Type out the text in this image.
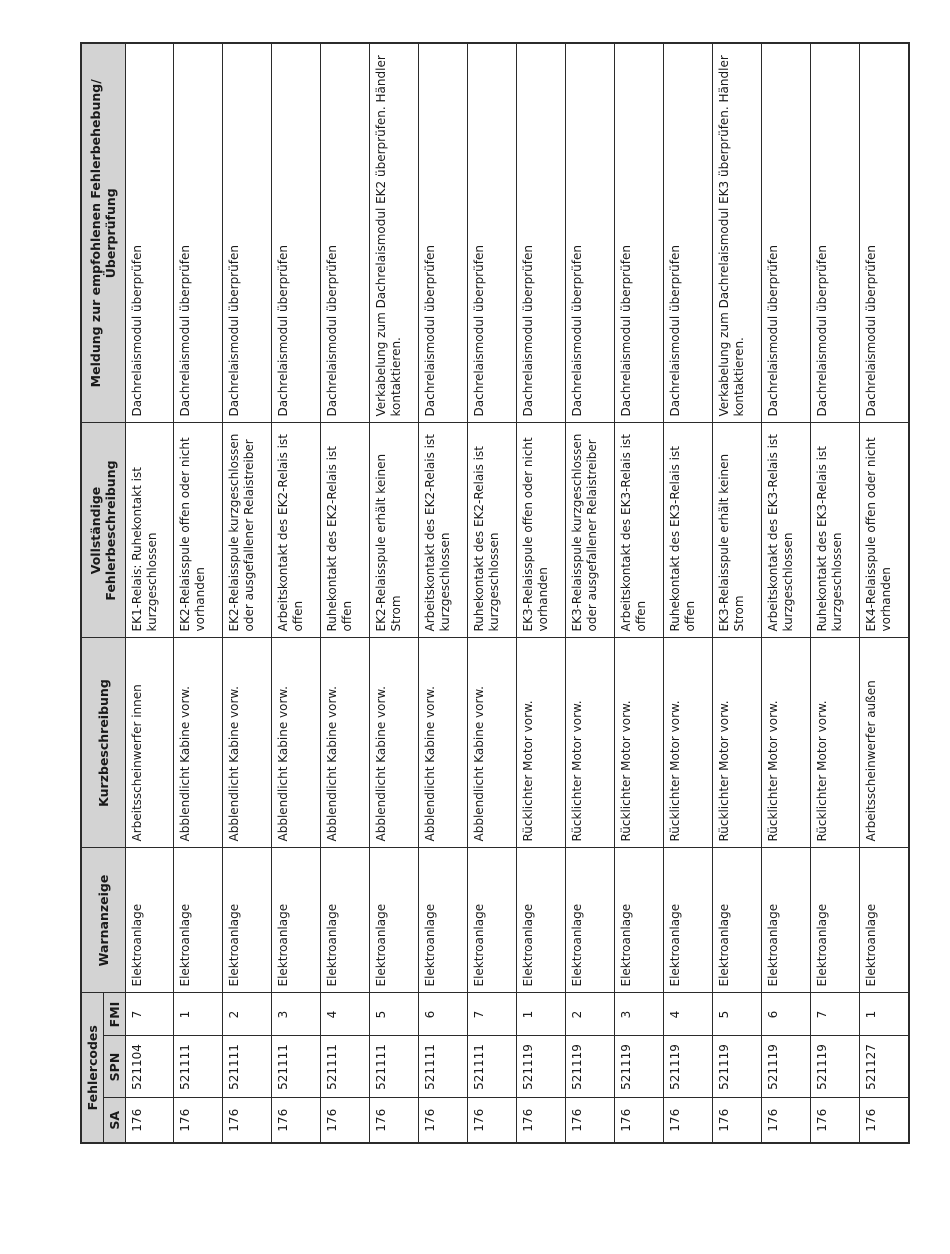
Fehlercodes			Warnanzeige	Kurzbeschreibung	Vollständige Fehlerbeschreibung	Meldung zur empfohlenen Fehlerbehebung/Überprüfung
SA	SPN	FMI				
176	521104	7	Elektroanlage	Arbeitsscheinwerfer innen	EK1-Relais: Ruhekontakt ist kurzgeschlossen	Dachrelaismodul überprüfen
176	521111	1	Elektroanlage	Abblendlicht Kabine vorw.	EK2-Relaisspule offen oder nicht vorhanden	Dachrelaismodul überprüfen
176	521111	2	Elektroanlage	Abblendlicht Kabine vorw.	EK2-Relaisspule kurzgeschlossen oder ausgefallener Relaistreiber	Dachrelaismodul überprüfen
176	521111	3	Elektroanlage	Abblendlicht Kabine vorw.	Arbeitskontakt des EK2-Relais ist offen	Dachrelaismodul überprüfen
176	521111	4	Elektroanlage	Abblendlicht Kabine vorw.	Ruhekontakt des EK2-Relais ist offen	Dachrelaismodul überprüfen
176	521111	5	Elektroanlage	Abblendlicht Kabine vorw.	EK2-Relaisspule erhält keinen Strom	Verkabelung zum Dachrelaismodul EK2 überprüfen. Händler kontaktieren.
176	521111	6	Elektroanlage	Abblendlicht Kabine vorw.	Arbeitskontakt des EK2-Relais ist kurzgeschlossen	Dachrelaismodul überprüfen
176	521111	7	Elektroanlage	Abblendlicht Kabine vorw.	Ruhekontakt des EK2-Relais ist kurzgeschlossen	Dachrelaismodul überprüfen
176	521119	1	Elektroanlage	Rücklichter Motor vorw.	EK3-Relaisspule offen oder nicht vorhanden	Dachrelaismodul überprüfen
176	521119	2	Elektroanlage	Rücklichter Motor vorw.	EK3-Relaisspule kurzgeschlossen oder ausgefallener Relaistreiber	Dachrelaismodul überprüfen
176	521119	3	Elektroanlage	Rücklichter Motor vorw.	Arbeitskontakt des EK3-Relais ist offen	Dachrelaismodul überprüfen
176	521119	4	Elektroanlage	Rücklichter Motor vorw.	Ruhekontakt des EK3-Relais ist offen	Dachrelaismodul überprüfen
176	521119	5	Elektroanlage	Rücklichter Motor vorw.	EK3-Relaisspule erhält keinen Strom	Verkabelung zum Dachrelaismodul EK3 überprüfen. Händler kontaktieren.
176	521119	6	Elektroanlage	Rücklichter Motor vorw.	Arbeitskontakt des EK3-Relais ist kurzgeschlossen	Dachrelaismodul überprüfen
176	521119	7	Elektroanlage	Rücklichter Motor vorw.	Ruhekontakt des EK3-Relais ist kurzgeschlossen	Dachrelaismodul überprüfen
176	521127	1	Elektroanlage	Arbeitsscheinwerfer außen	EK4-Relaisspule offen oder nicht vorhanden	Dachrelaismodul überprüfen
